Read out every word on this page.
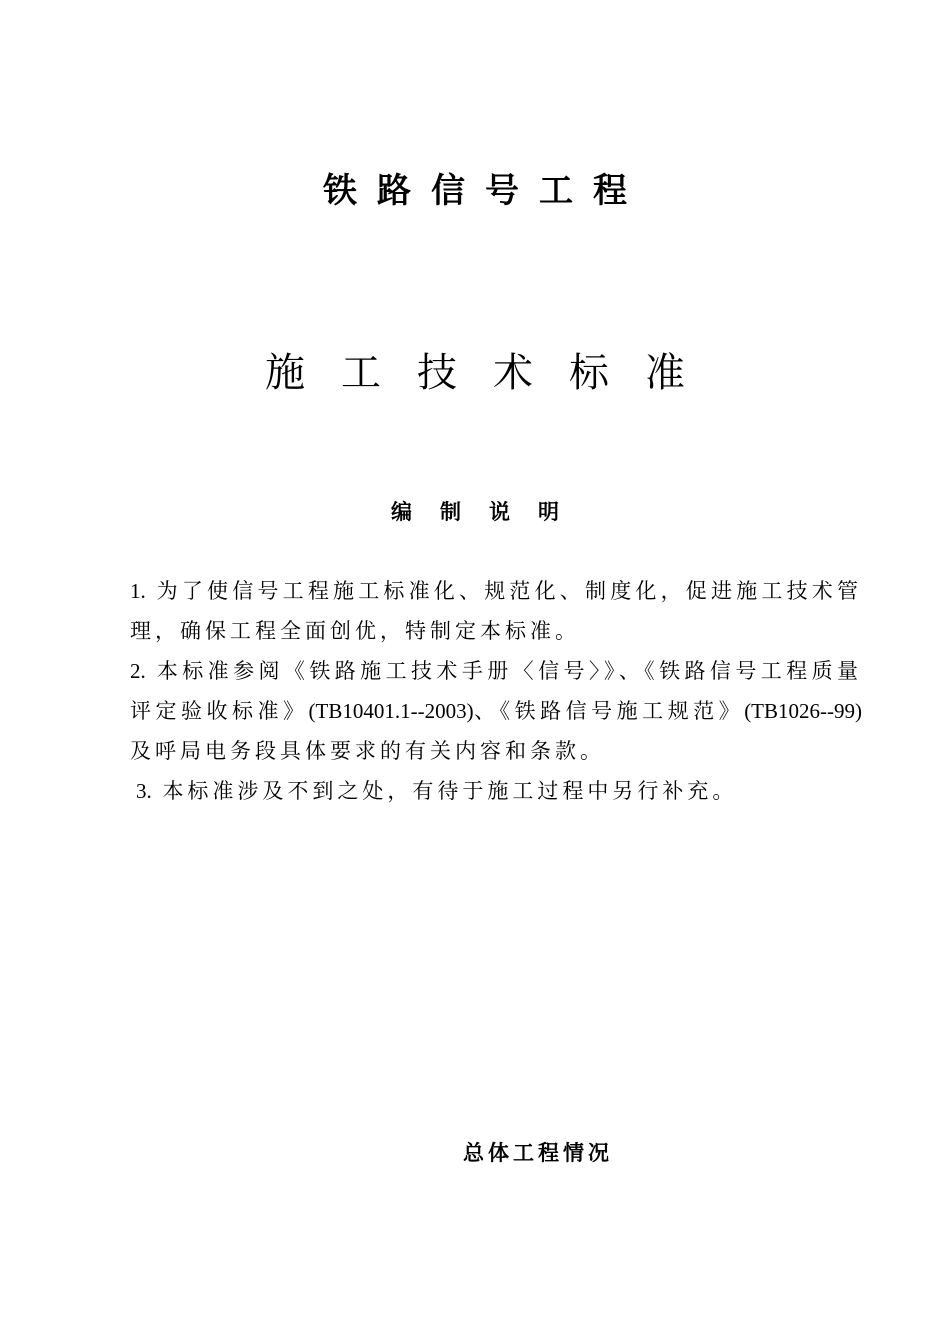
铁路信号工程
施工技术标准
编制说明

1. 为了使信号工程施工标准化、规范化、制度化，促进施工技术管理，确保工程全面创优，特制定本标准。

2. 本标准参阅《铁路施工技术手册〈信号〉》、《铁路信号工程质量评定验收标准》(TB10401.1--2003)、《铁路信号施工规范》(TB1026--99)及呼局电务段具体要求的有关内容和条款。

3. 本标准涉及不到之处，有待于施工过程中另行补充。

总体工程情况
